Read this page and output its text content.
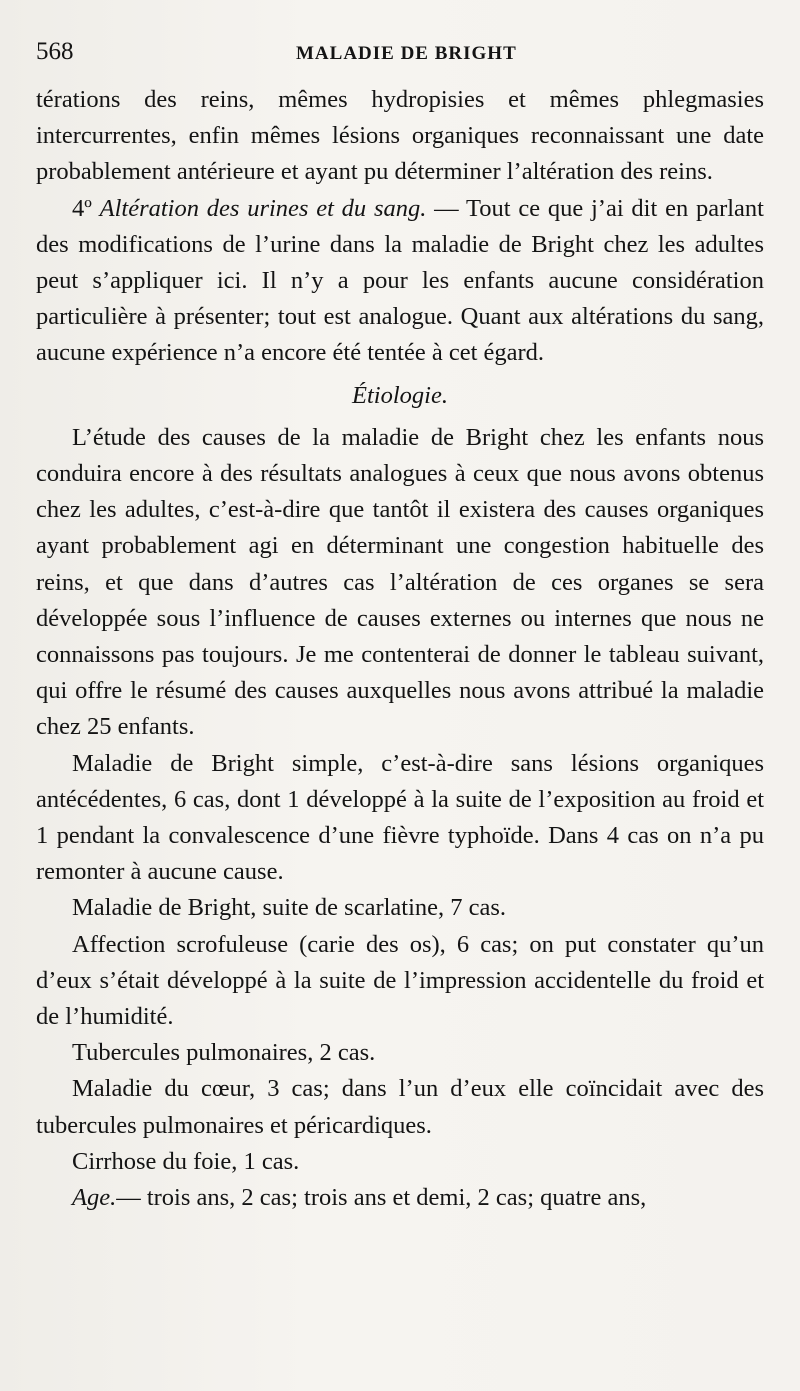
568	MALADIE DE BRIGHT

térations des reins, mêmes hydropisies et mêmes phlegmasies intercurrentes, enfin mêmes lésions organiques reconnaissant une date probablement antérieure et ayant pu déterminer l’altération des reins.

4º Altération des urines et du sang. — Tout ce que j’ai dit en parlant des modifications de l’urine dans la maladie de Bright chez les adultes peut s’appliquer ici. Il n’y a pour les enfants aucune considération particulière à présenter; tout est analogue. Quant aux altérations du sang, aucune expérience n’a encore été tentée à cet égard.

Étiologie.

L’étude des causes de la maladie de Bright chez les enfants nous conduira encore à des résultats analogues à ceux que nous avons obtenus chez les adultes, c’est-à-dire que tantôt il existera des causes organiques ayant probablement agi en déterminant une congestion habituelle des reins, et que dans d’autres cas l’altération de ces organes se sera développée sous l’influence de causes externes ou internes que nous ne connaissons pas toujours. Je me contenterai de donner le tableau suivant, qui offre le résumé des causes auxquelles nous avons attribué la maladie chez 25 enfants.

Maladie de Bright simple, c’est-à-dire sans lésions organiques antécédentes, 6 cas, dont 1 développé à la suite de l’exposition au froid et 1 pendant la convalescence d’une fièvre typhoïde. Dans 4 cas on n’a pu remonter à aucune cause.

Maladie de Bright, suite de scarlatine, 7 cas.

Affection scrofuleuse (carie des os), 6 cas; on put constater qu’un d’eux s’était développé à la suite de l’impression accidentelle du froid et de l’humidité.

Tubercules pulmonaires, 2 cas.

Maladie du cœur, 3 cas; dans l’un d’eux elle coïncidait avec des tubercules pulmonaires et péricardiques.

Cirrhose du foie, 1 cas.

Age.— trois ans, 2 cas; trois ans et demi, 2 cas; quatre ans,
